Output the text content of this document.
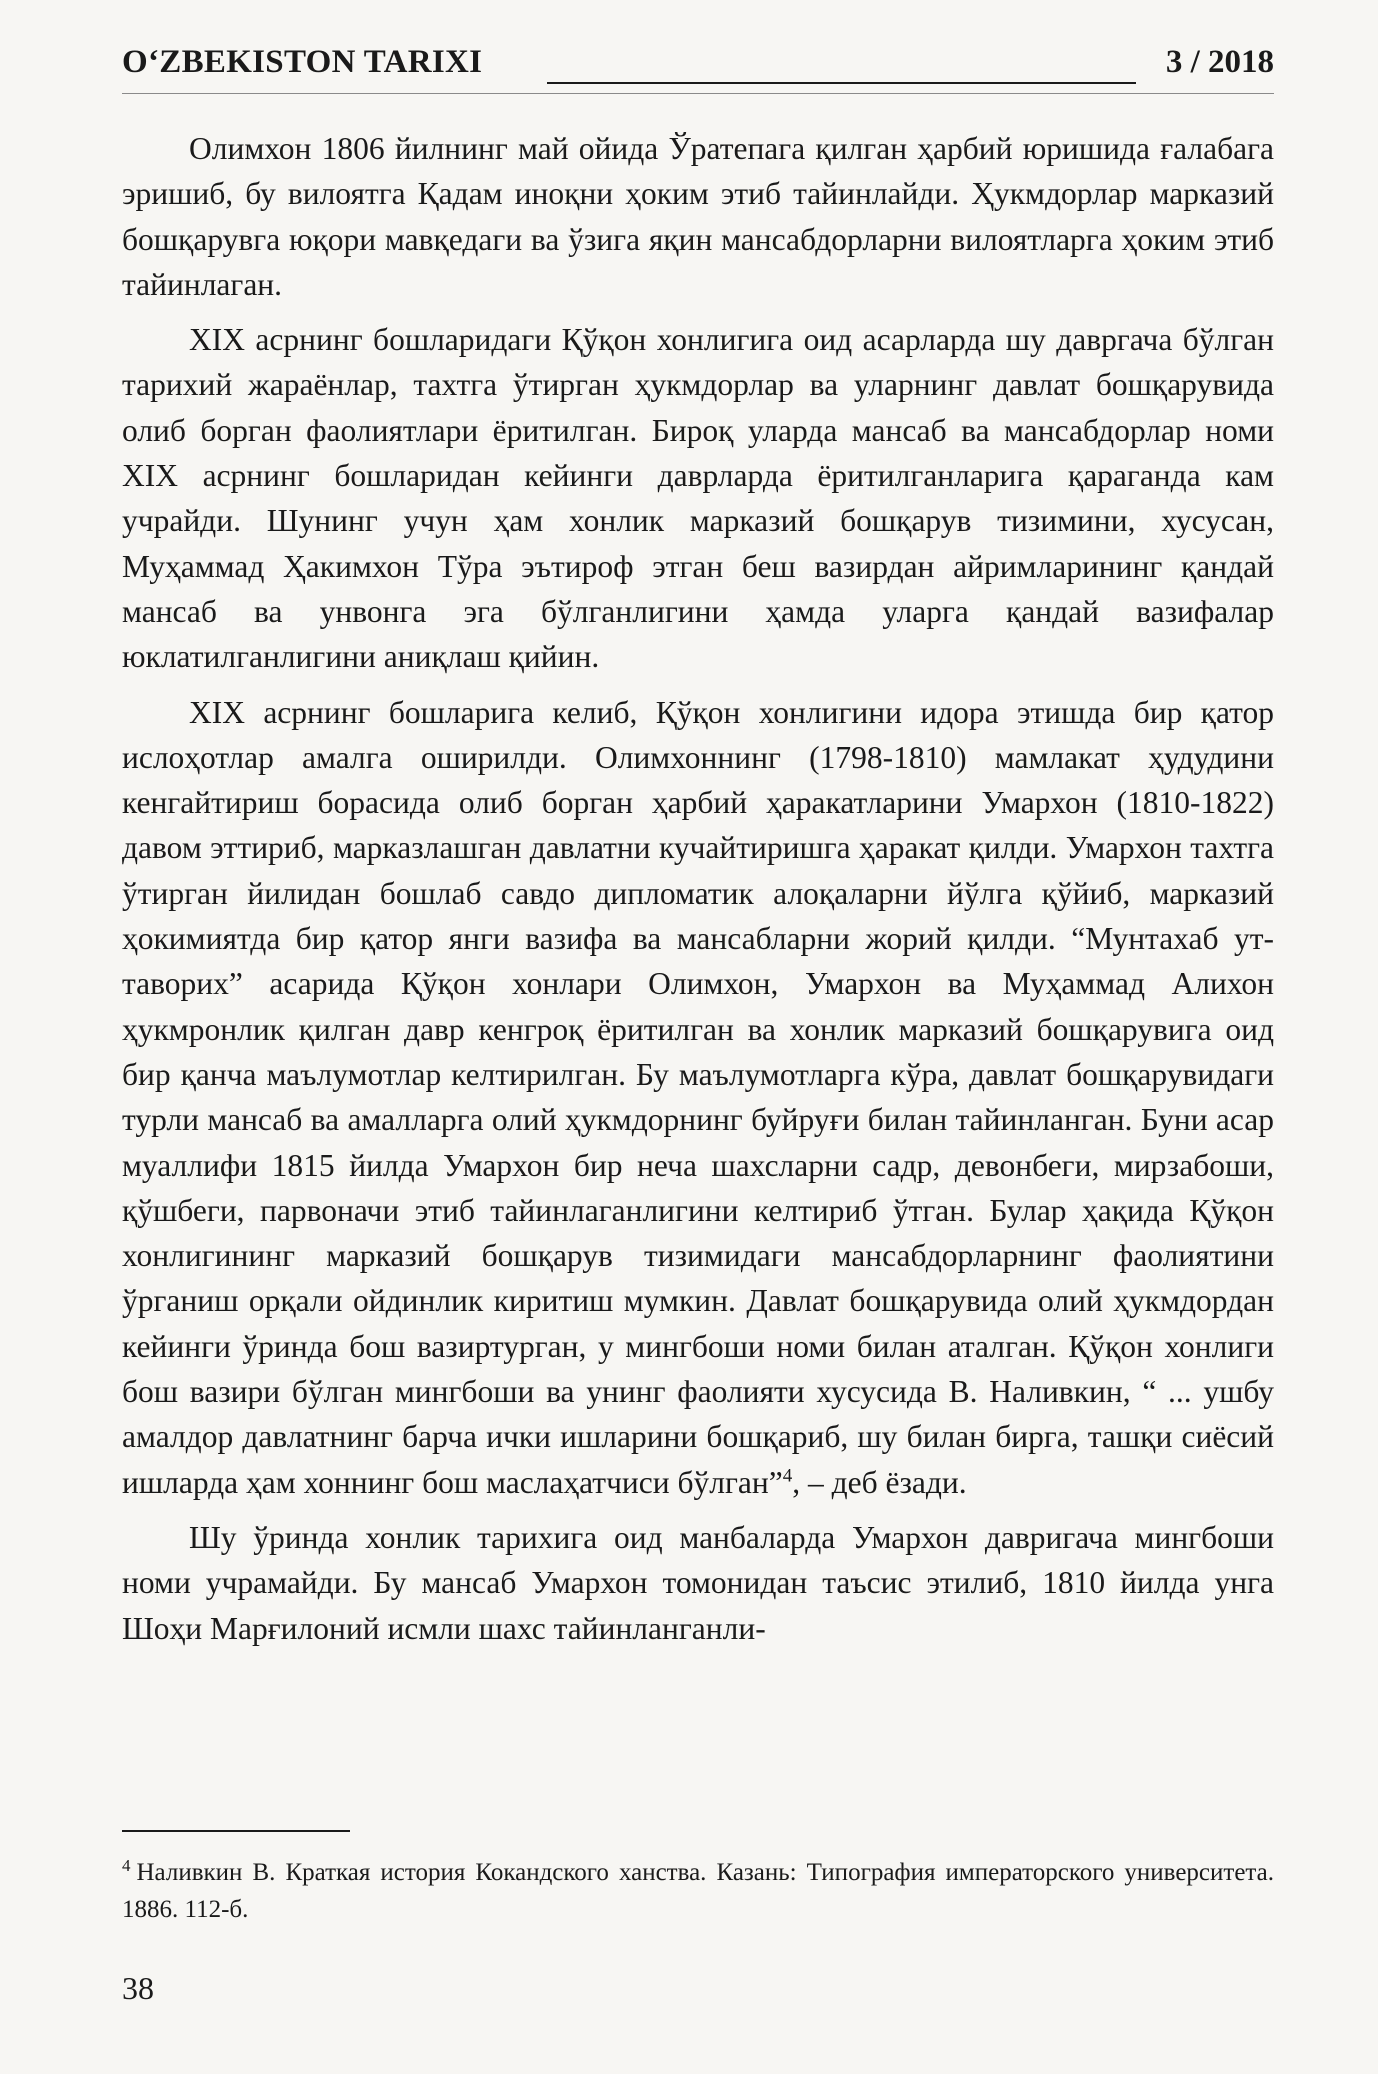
O‘ZBEKISTON TARIXI	3 / 2018

Олимхон 1806 йилнинг май ойида Ўратепага қилган ҳарбий юришида ғалабага эришиб, бу вилоятга Қадам иноқни ҳоким этиб тайинлайди. Ҳукмдорлар марказий бошқарувга юқори мавқедаги ва ўзига яқин мансабдорларни вилоятларга ҳоким этиб тайинлаган.

XIX асрнинг бошларидаги Қўқон хонлигига оид асарларда шу давргача бўлган тарихий жараёнлар, тахтга ўтирган ҳукмдорлар ва уларнинг давлат бошқарувида олиб борган фаолиятлари ёритилган. Бироқ уларда мансаб ва мансабдорлар номи XIX асрнинг бошларидан кейинги даврларда ёритилганларига қараганда кам учрайди. Шунинг учун ҳам хонлик марказий бошқарув тизимини, хусусан, Муҳаммад Ҳакимхон Тўра эътироф этган беш вазирдан айримларининг қандай мансаб ва унвонга эга бўлганлигини ҳамда уларга қандай вазифалар юклатилганлигини аниқлаш қийин.

XIX асрнинг бошларига келиб, Қўқон хонлигини идора этишда бир қатор ислоҳотлар амалга оширилди. Олимхоннинг (1798-1810) мамлакат ҳудудини кенгайтириш борасида олиб борган ҳарбий ҳаракатларини Умархон (1810-1822) давом эттириб, марказлашган давлатни кучайтиришга ҳаракат қилди. Умархон тахтга ўтирган йилидан бошлаб савдо дипломатик алоқаларни йўлга қўйиб, марказий ҳокимиятда бир қатор янги вазифа ва мансабларни жорий қилди. “Мунтахаб ут-таворих” асарида Қўқон хонлари Олимхон, Умархон ва Муҳаммад Алихон ҳукмронлик қилган давр кенгроқ ёритилган ва хонлик марказий бошқарувига оид бир қанча маълумотлар келтирилган. Бу маълумотларга кўра, давлат бошқарувидаги турли мансаб ва амалларга олий ҳукмдорнинг буйруғи билан тайинланган. Буни асар муаллифи 1815 йилда Умархон бир неча шахсларни садр, девонбеги, мирзабоши, қўшбеги, парвоначи этиб тайинлаганлигини келтириб ўтган. Булар ҳақида Қўқон хонлигининг марказий бошқарув тизимидаги мансабдорларнинг фаолиятини ўрганиш орқали ойдинлик киритиш мумкин. Давлат бошқарувида олий ҳукмдордан кейинги ўринда бош вазиртурган, у мингбоши номи билан аталган. Қўқон хонлиги бош вазири бўлган мингбоши ва унинг фаолияти хусусида В. Наливкин, “ ... ушбу амалдор давлатнинг барча ички ишларини бошқариб, шу билан бирга, ташқи сиёсий ишларда ҳам хоннинг бош маслаҳатчиси бўлган”$^4$, – деб ёзади.

Шу ўринда хонлик тарихига оид манбаларда Умархон давригача мингбоши номи учрамайди. Бу мансаб Умархон томонидан таъсис этилиб, 1810 йилда унга Шоҳи Марғилоний исмли шахс тайинланганли-

$^4$ Наливкин В. Краткая история Кокандского ханства. Казань: Типография императорского университета. 1886. 112-б.
38
